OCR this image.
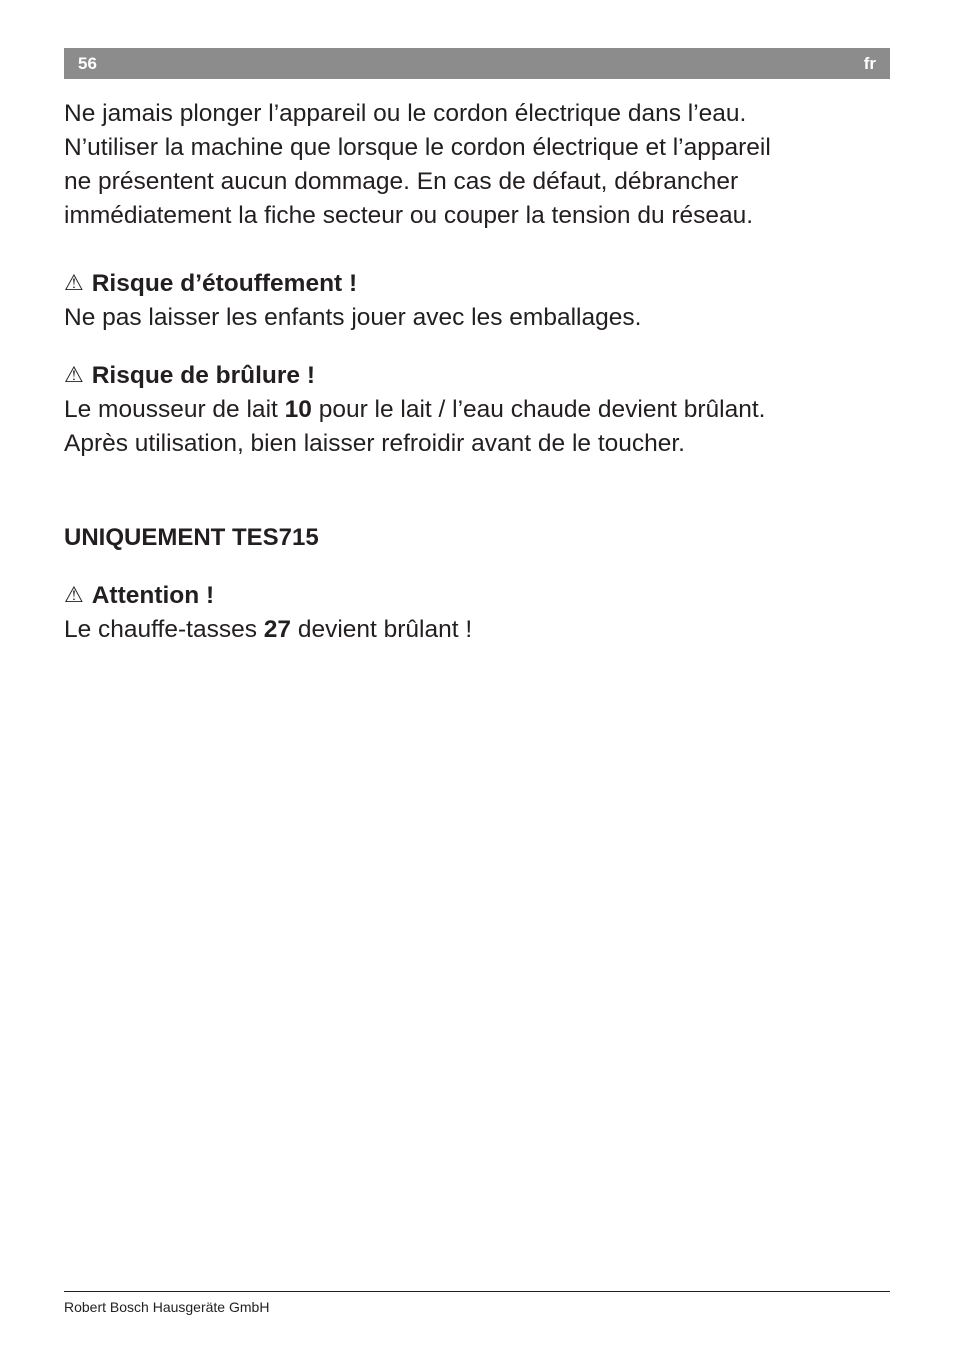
56	fr

Ne jamais plonger l’appareil ou le cordon électrique dans l’eau.

N’utiliser la machine que lorsque le cordon électrique et l’appareil

ne présentent aucun dommage. En cas de défaut, débrancher

immédiatement la fiche secteur ou couper la tension du réseau.

⚠ Risque d’étouffement !

Ne pas laisser les enfants jouer avec les emballages.

⚠ Risque de brûlure !

Le mousseur de lait 10 pour le lait / l’eau chaude devient brûlant.

Après utilisation, bien laisser refroidir avant de le toucher.

UNIQUEMENT TES715

⚠ Attention !

Le chauffe-tasses 27 devient brûlant !

Robert Bosch Hausgeräte GmbH
